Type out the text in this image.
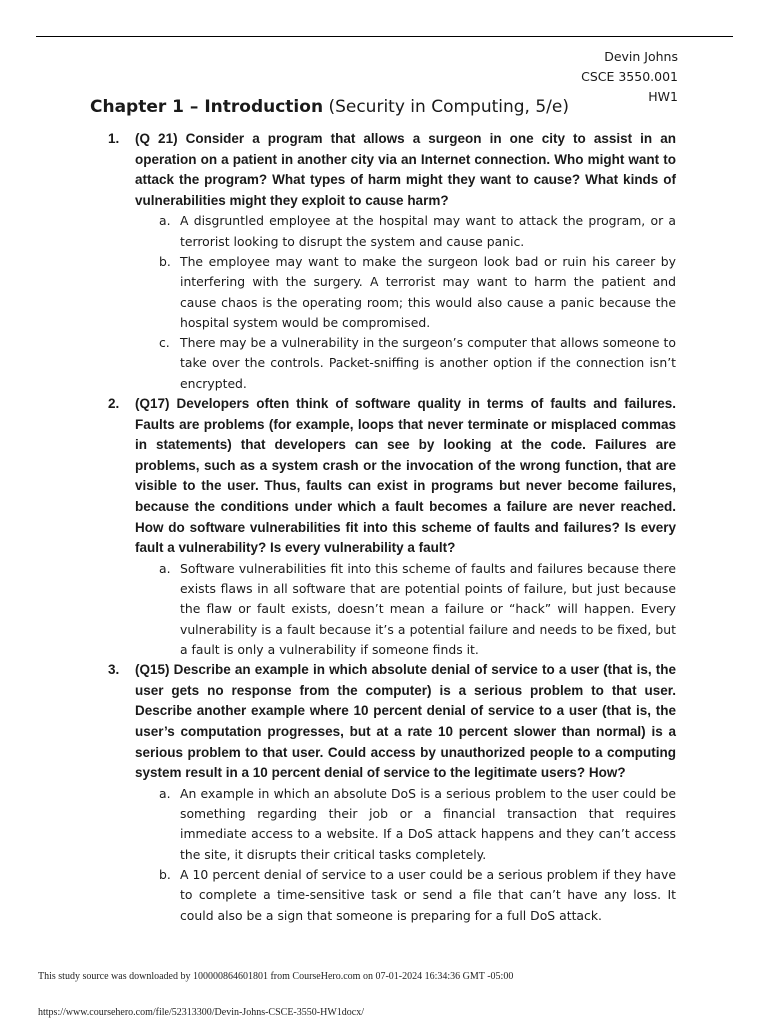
Devin Johns
CSCE 3550.001
HW1
Chapter 1 – Introduction (Security in Computing, 5/e)
1. (Q 21) Consider a program that allows a surgeon in one city to assist in an operation on a patient in another city via an Internet connection. Who might want to attack the program? What types of harm might they want to cause? What kinds of vulnerabilities might they exploit to cause harm?

a. A disgruntled employee at the hospital may want to attack the program, or a terrorist looking to disrupt the system and cause panic.

b. The employee may want to make the surgeon look bad or ruin his career by interfering with the surgery. A terrorist may want to harm the patient and cause chaos is the operating room; this would also cause a panic because the hospital system would be compromised.

c. There may be a vulnerability in the surgeon’s computer that allows someone to take over the controls. Packet-sniffing is another option if the connection isn’t encrypted.

2. (Q17) Developers often think of software quality in terms of faults and failures. Faults are problems (for example, loops that never terminate or misplaced commas in statements) that developers can see by looking at the code. Failures are problems, such as a system crash or the invocation of the wrong function, that are visible to the user. Thus, faults can exist in programs but never become failures, because the conditions under which a fault becomes a failure are never reached. How do software vulnerabilities fit into this scheme of faults and failures? Is every fault a vulnerability? Is every vulnerability a fault?

a. Software vulnerabilities fit into this scheme of faults and failures because there exists flaws in all software that are potential points of failure, but just because the flaw or fault exists, doesn’t mean a failure or “hack” will happen. Every vulnerability is a fault because it’s a potential failure and needs to be fixed, but a fault is only a vulnerability if someone finds it.

3. (Q15) Describe an example in which absolute denial of service to a user (that is, the user gets no response from the computer) is a serious problem to that user. Describe another example where 10 percent denial of service to a user (that is, the user’s computation progresses, but at a rate 10 percent slower than normal) is a serious problem to that user. Could access by unauthorized people to a computing system result in a 10 percent denial of service to the legitimate users? How?

a. An example in which an absolute DoS is a serious problem to the user could be something regarding their job or a financial transaction that requires immediate access to a website. If a DoS attack happens and they can’t access the site, it disrupts their critical tasks completely.

b. A 10 percent denial of service to a user could be a serious problem if they have to complete a time-sensitive task or send a file that can’t have any loss. It could also be a sign that someone is preparing for a full DoS attack.

This study source was downloaded by 100000864601801 from CourseHero.com on 07-01-2024 16:34:36 GMT -05:00
https://www.coursehero.com/file/52313300/Devin-Johns-CSCE-3550-HW1docx/
